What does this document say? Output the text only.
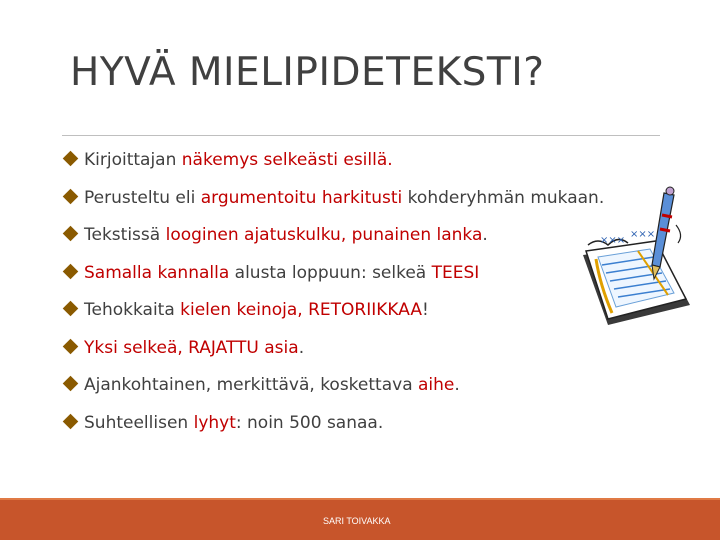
HYVÄ MIELIPIDETEKSTI?
Kirjoittajan näkemys selkeästi esillä.
Perusteltu eli argumentoitu harkitusti kohderyhmän mukaan.
Tekstissä looginen ajatuskulku, punainen lanka.
Samalla kannalla alusta loppuun: selkeä TEESI
Tehokkaita kielen keinoja, RETORIIKKAA!
Yksi selkeä, RAJATTU asia.
Ajankohtainen, merkittävä, koskettava aihe.
Suhteellisen lyhyt: noin 500 sanaa.
×××
×××
SARI TOIVAKKA
